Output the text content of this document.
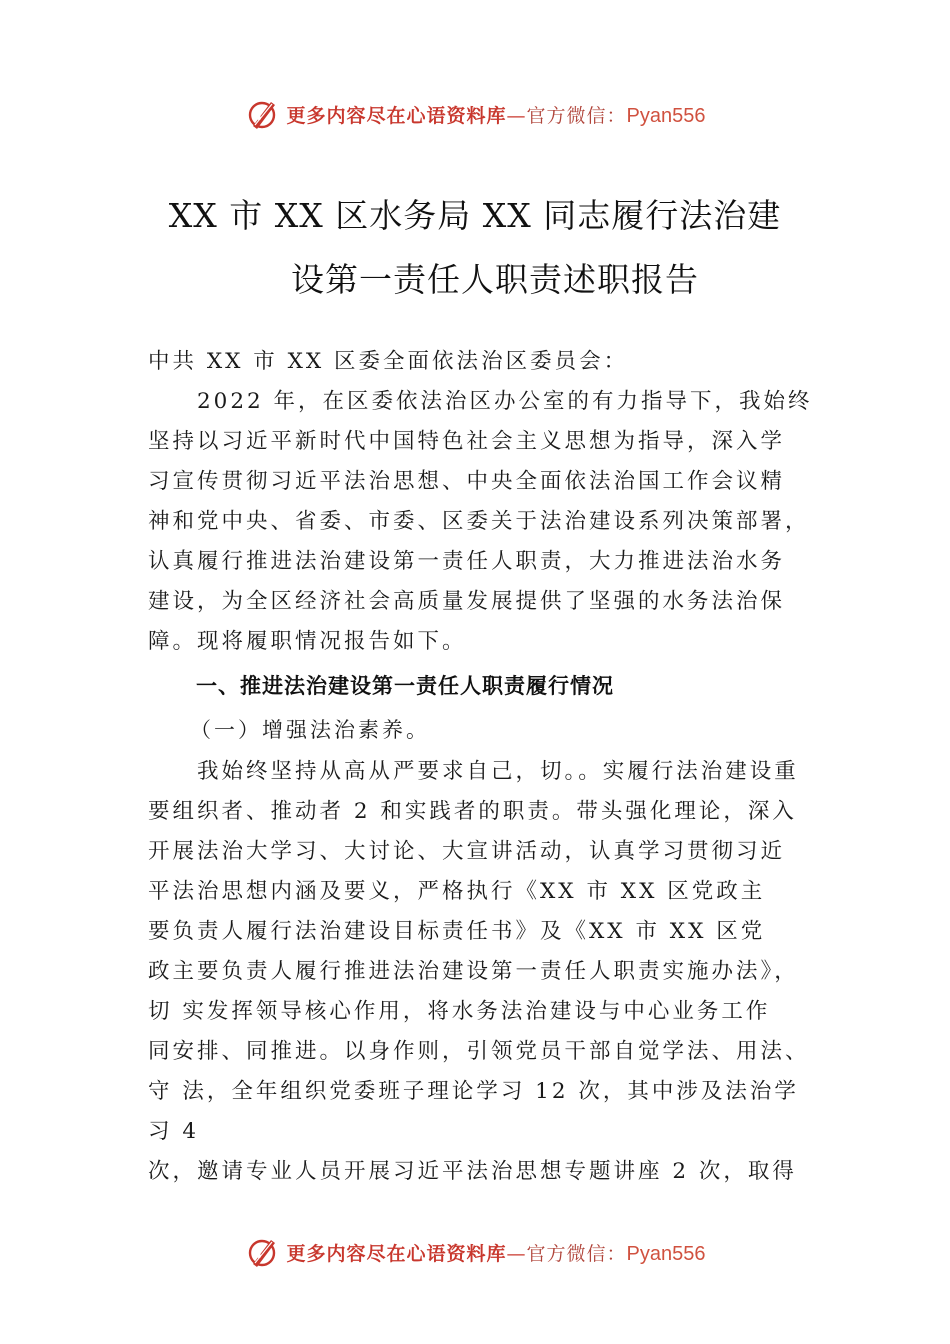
更多内容尽在心语资料库—官方微信：Pyan556
XX 市 XX 区水务局 XX 同志履行法治建
设第一责任人职责述职报告
中共 XX 市 XX 区委全面依法治区委员会：
　　2022 年，在区委依法治区办公室的有力指导下，我始终
坚持以习近平新时代中国特色社会主义思想为指导，深入学
习宣传贯彻习近平法治思想、中央全面依法治国工作会议精
神和党中央、省委、市委、区委关于法治建设系列决策部署，
认真履行推进法治建设第一责任人职责，大力推进法治水务
建设，为全区经济社会高质量发展提供了坚强的水务法治保
障。现将履职情况报告如下。
一、推进法治建设第一责任人职责履行情况
（一）增强法治素养。
　　我始终坚持从高从严要求自己，切。。实履行法治建设重
要组织者、推动者 2 和实践者的职责。带头强化理论，深入
开展法治大学习、大讨论、大宣讲活动，认真学习贯彻习近
平法治思想内涵及要义，严格执行《XX 市 XX 区党政主
要负责人履行法治建设目标责任书》及《XX 市 XX 区党
政主要负责人履行推进法治建设第一责任人职责实施办法》，
切 实发挥领导核心作用，将水务法治建设与中心业务工作
同安排、同推进。以身作则，引领党员干部自觉学法、用法、
守 法，全年组织党委班子理论学习 12 次，其中涉及法治学
习 4
次，邀请专业人员开展习近平法治思想专题讲座 2 次，取得
更多内容尽在心语资料库—官方微信：Pyan556
